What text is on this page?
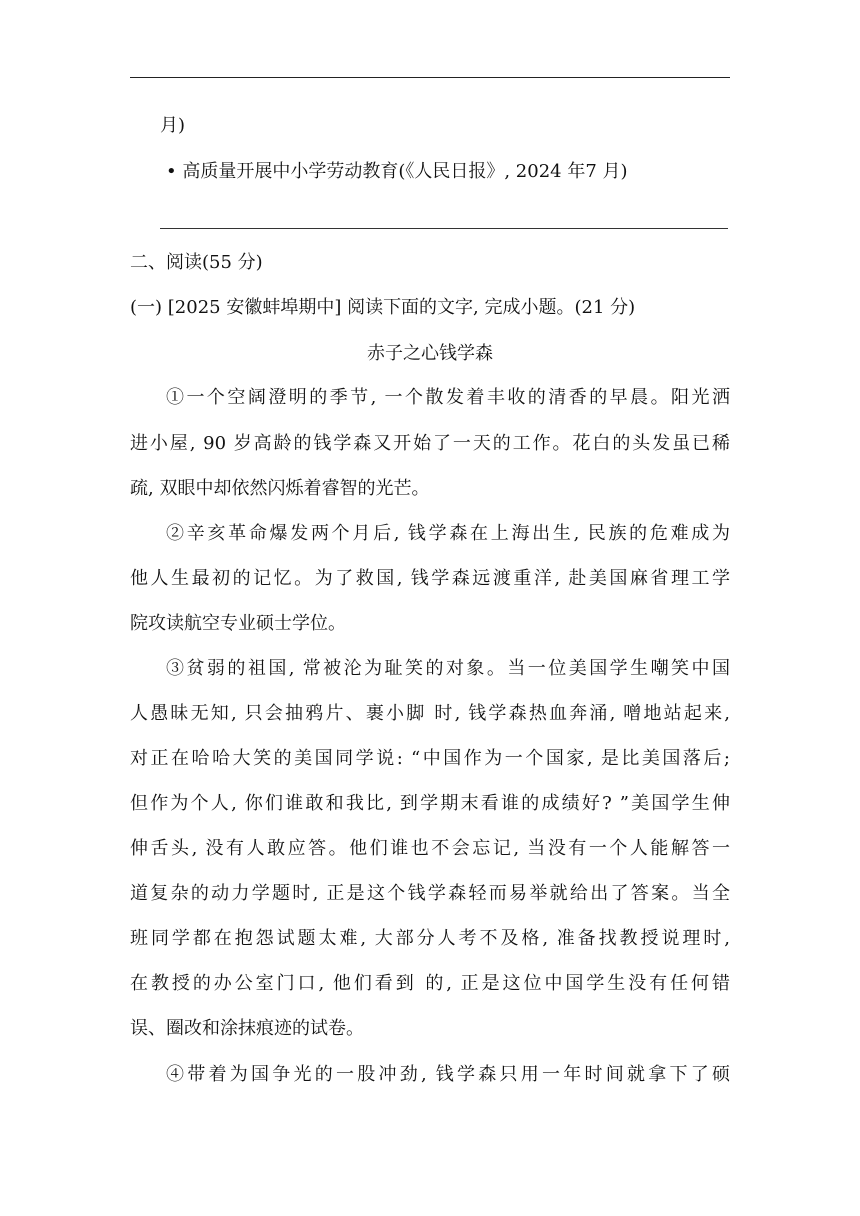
月)
• 高质量开展中小学劳动教育(《人民日报》, 2024 年7 月)
二、阅读(55 分)
(一) [2025 安徽蚌埠期中] 阅读下面的文字, 完成小题。(21 分)
赤子之心钱学森
①一个空阔澄明的季节, 一个散发着丰收的清香的早晨。阳光洒
进小屋, 90 岁高龄的钱学森又开始了一天的工作。花白的头发虽已稀
疏, 双眼中却依然闪烁着睿智的光芒。
②辛亥革命爆发两个月后, 钱学森在上海出生, 民族的危难成为
他人生最初的记忆。为了救国, 钱学森远渡重洋, 赴美国麻省理工学
院攻读航空专业硕士学位。
③贫弱的祖国, 常被沦为耻笑的对象。当一位美国学生嘲笑中国
人愚昧无知, 只会抽鸦片、裹小脚 时, 钱学森热血奔涌, 噌地站起来,
对正在哈哈大笑的美国同学说: “中国作为一个国家, 是比美国落后;
但作为个人, 你们谁敢和我比, 到学期末看谁的成绩好? ”美国学生伸
伸舌头, 没有人敢应答。他们谁也不会忘记, 当没有一个人能解答一
道复杂的动力学题时, 正是这个钱学森轻而易举就给出了答案。当全
班同学都在抱怨试题太难, 大部分人考不及格, 准备找教授说理时,
在教授的办公室门口, 他们看到 的, 正是这位中国学生没有任何错
误、圈改和涂抹痕迹的试卷。
④带着为国争光的一股冲劲, 钱学森只用一年时间就拿下了硕
